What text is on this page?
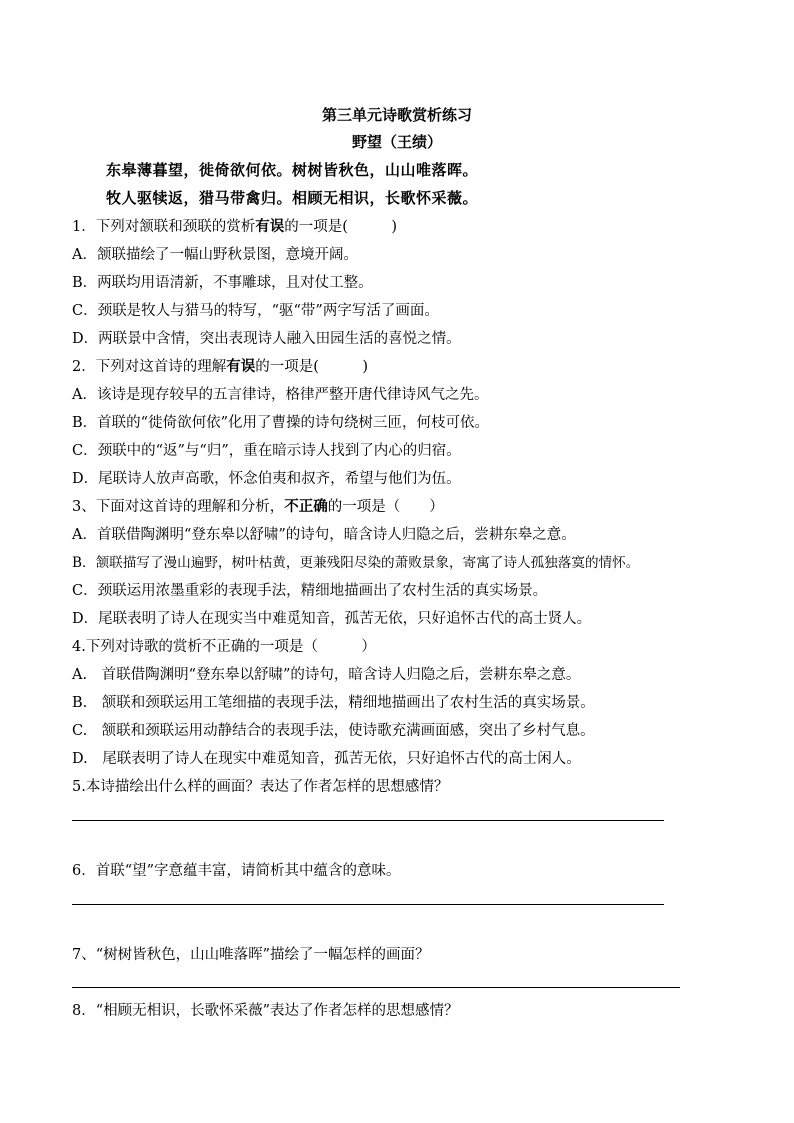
第三单元诗歌赏析练习
野望（王绩）
东皋薄暮望，徙倚欲何依。树树皆秋色，山山唯落晖。
牧人驱犊返，猎马带禽归。相顾无相识，长歌怀采薇。
1．下列对颔联和颈联的赏析有误的一项是(　　　)
A．颔联描绘了一幅山野秋景图，意境开阔。
B．两联均用语清新，不事雕球，且对仗工整。
C．颈联是牧人与猎马的特写，“驱“带”两字写活了画面。
D．两联景中含情，突出表现诗人融入田园生活的喜悦之情。
2．下列对这首诗的理解有误的一项是(　　　)
A．该诗是现存较早的五言律诗，格律严整开唐代律诗风气之先。
B．首联的“徙倚欲何依”化用了曹操的诗句绕树三匝，何枝可依。
C．颈联中的“返”与“归”，重在暗示诗人找到了内心的归宿。
D．尾联诗人放声高歌，怀念伯夷和叔齐，希望与他们为伍。
3、下面对这首诗的理解和分析，不正确的一项是（　　）
A．首联借陶渊明“登东皋以舒啸”的诗句，暗含诗人归隐之后，尝耕东皋之意。
B．颔联描写了漫山遍野，树叶枯黄，更兼残阳尽染的萧败景象，寄寓了诗人孤独落寞的情怀。
C．颈联运用浓墨重彩的表现手法，精细地描画出了农村生活的真实场景。
D．尾联表明了诗人在现实当中难觅知音，孤苦无依，只好追怀古代的高士贤人。
4.下列对诗歌的赏析不正确的一项是（　　　）
A.　首联借陶渊明“登东皋以舒啸”的诗句，暗含诗人归隐之后，尝耕东皋之意。
B.　颔联和颈联运用工笔细描的表现手法，精细地描画出了农村生活的真实场景。
C.　颔联和颈联运用动静结合的表现手法，使诗歌充满画面感，突出了乡村气息。
D.　尾联表明了诗人在现实中难觅知音，孤苦无依，只好追怀古代的高士闲人。
5.本诗描绘出什么样的画面？表达了作者怎样的思想感情？
6．首联“望”字意蕴丰富，请简析其中蕴含的意味。
7、“树树皆秋色，山山唯落晖”描绘了一幅怎样的画面？
8．“相顾无相识，长歌怀采薇”表达了作者怎样的思想感情？
